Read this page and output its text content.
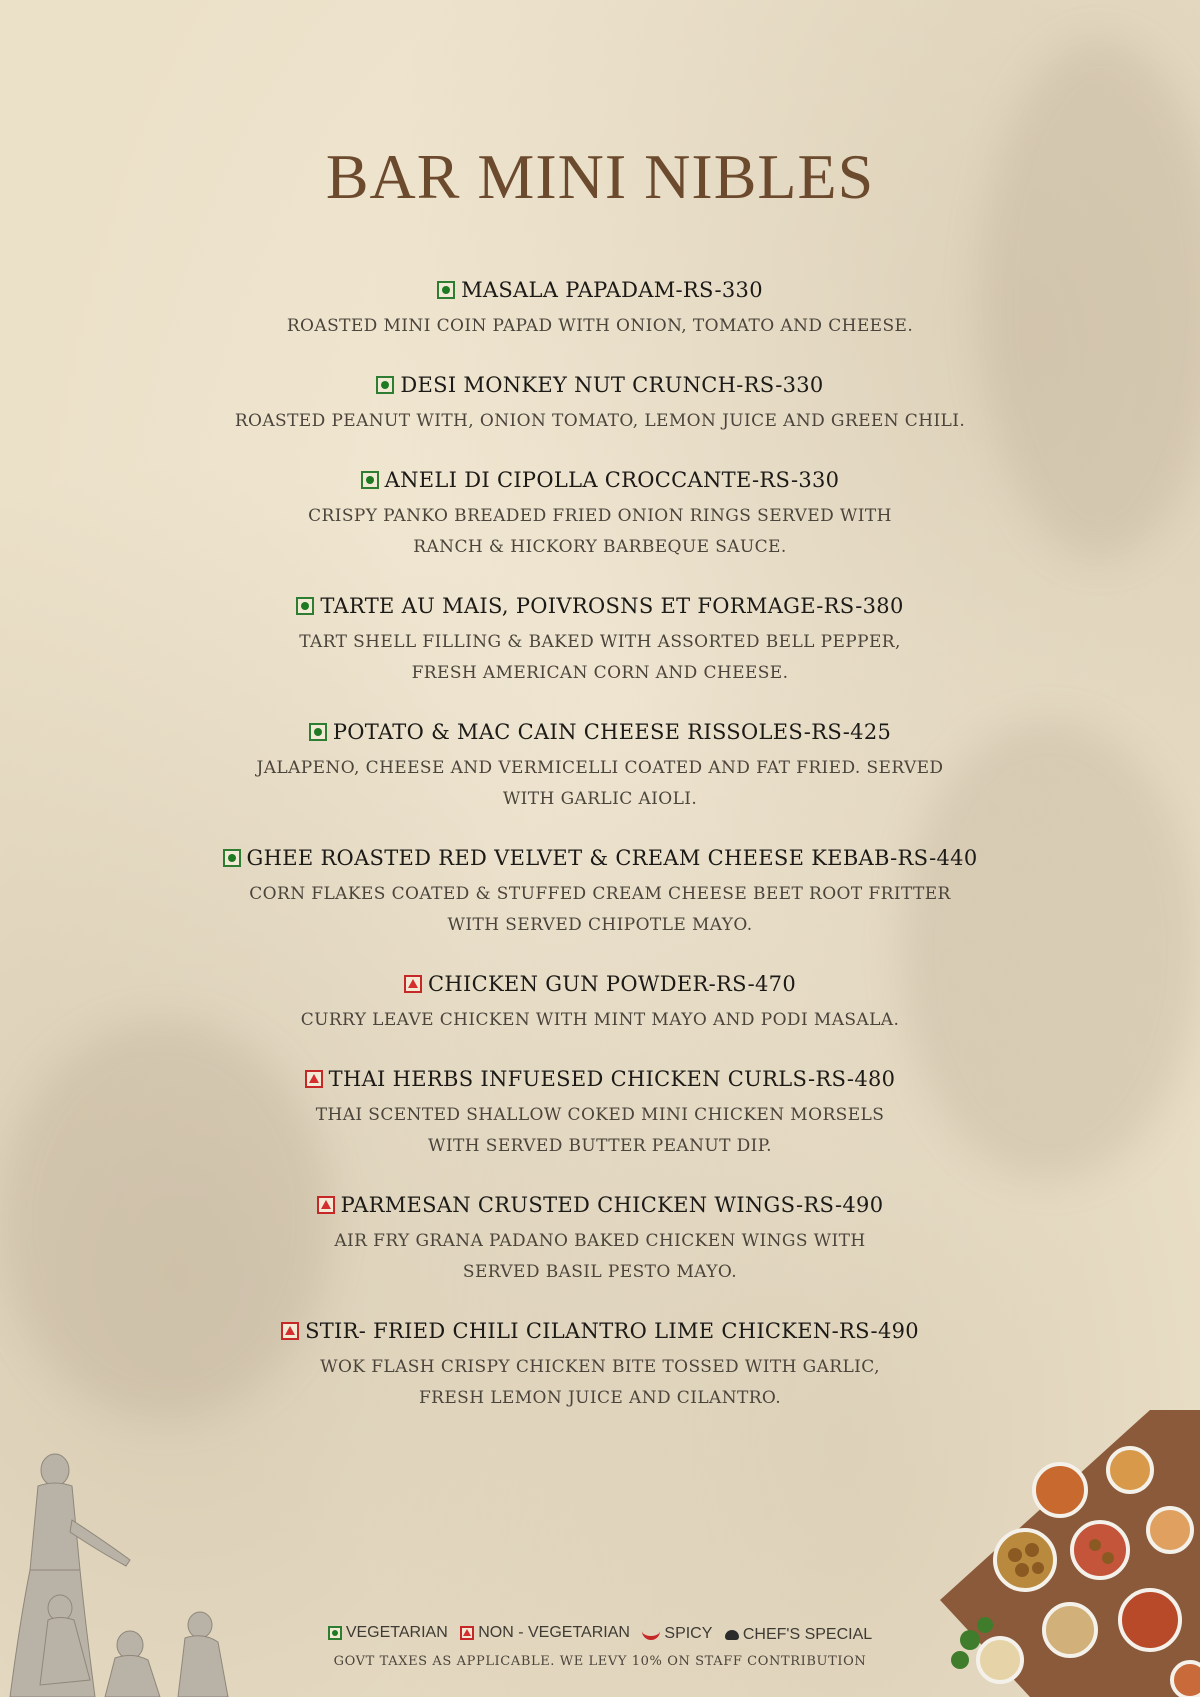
BAR MINI NIBLES
MASALA PAPADAM-RS-330
ROASTED MINI COIN PAPAD WITH ONION, TOMATO AND CHEESE.
DESI MONKEY NUT CRUNCH-RS-330
ROASTED PEANUT WITH, ONION TOMATO, LEMON JUICE AND GREEN CHILI.
ANELI DI CIPOLLA CROCCANTE-RS-330
CRISPY PANKO BREADED FRIED ONION RINGS SERVED WITH
RANCH & HICKORY BARBEQUE SAUCE.
TARTE AU MAIS, POIVROSNS ET FORMAGE-RS-380
TART SHELL FILLING & BAKED WITH ASSORTED BELL PEPPER,
FRESH AMERICAN CORN AND CHEESE.
POTATO & MAC CAIN CHEESE RISSOLES-RS-425
JALAPENO, CHEESE AND VERMICELLI COATED AND FAT FRIED. SERVED
WITH GARLIC AIOLI.
GHEE ROASTED RED VELVET & CREAM CHEESE KEBAB-RS-440
CORN FLAKES COATED & STUFFED CREAM CHEESE BEET ROOT FRITTER
WITH SERVED CHIPOTLE MAYO.
CHICKEN GUN POWDER-RS-470
CURRY LEAVE CHICKEN WITH MINT MAYO AND PODI MASALA.
THAI HERBS INFUESED CHICKEN CURLS-RS-480
THAI SCENTED SHALLOW COKED MINI CHICKEN MORSELS
WITH SERVED BUTTER PEANUT DIP.
PARMESAN CRUSTED CHICKEN WINGS-RS-490
AIR FRY GRANA PADANO BAKED CHICKEN WINGS WITH
SERVED BASIL PESTO MAYO.
STIR- FRIED CHILI CILANTRO LIME CHICKEN-RS-490
WOK FLASH CRISPY CHICKEN BITE TOSSED WITH GARLIC,
FRESH LEMON JUICE AND CILANTRO.
VEGETARIAN
NON - VEGETARIAN
SPICY
CHEF'S SPECIAL
GOVT TAXES AS APPLICABLE. WE LEVY 10% ON STAFF CONTRIBUTION
